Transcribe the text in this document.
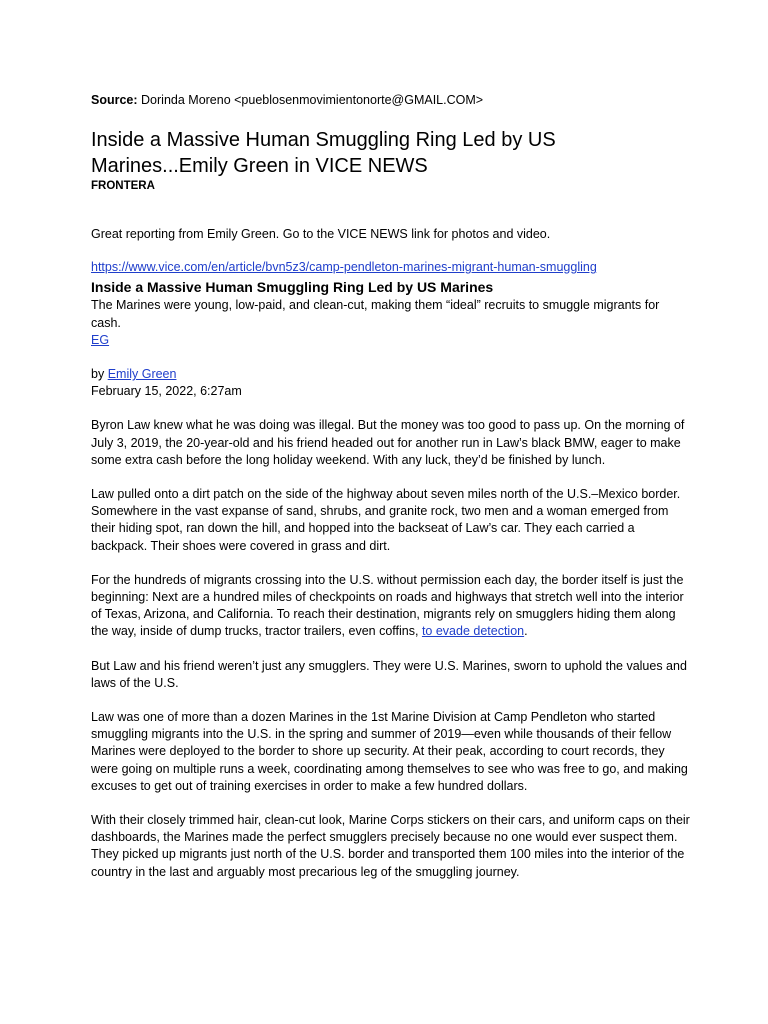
Source: Dorinda Moreno <pueblosenmovimientonorte@GMAIL.COM>
Inside a Massive Human Smuggling Ring Led by US Marines...Emily Green in VICE NEWS
FRONTERA

Great reporting from Emily Green. Go to the VICE NEWS link for photos and video.

https://www.vice.com/en/article/bvn5z3/camp-pendleton-marines-migrant-human-smuggling

Inside a Massive Human Smuggling Ring Led by US Marines

The Marines were young, low-paid, and clean-cut, making them “ideal” recruits to smuggle migrants for cash.

EG

by Emily Green

February 15, 2022, 6:27am

Byron Law knew what he was doing was illegal. But the money was too good to pass up. On the morning of July 3, 2019, the 20-year-old and his friend headed out for another run in Law’s black BMW, eager to make some extra cash before the long holiday weekend. With any luck, they’d be finished by lunch.

Law pulled onto a dirt patch on the side of the highway about seven miles north of the U.S.–Mexico border. Somewhere in the vast expanse of sand, shrubs, and granite rock, two men and a woman emerged from their hiding spot, ran down the hill, and hopped into the backseat of Law’s car. They each carried a backpack. Their shoes were covered in grass and dirt.

For the hundreds of migrants crossing into the U.S. without permission each day, the border itself is just the beginning: Next are a hundred miles of checkpoints on roads and highways that stretch well into the interior of Texas, Arizona, and California. To reach their destination, migrants rely on smugglers hiding them along the way, inside of dump trucks, tractor trailers, even coffins, to evade detection.

But Law and his friend weren’t just any smugglers. They were U.S. Marines, sworn to uphold the values and laws of the U.S.

Law was one of more than a dozen Marines in the 1st Marine Division at Camp Pendleton who started smuggling migrants into the U.S. in the spring and summer of 2019—even while thousands of their fellow Marines were deployed to the border to shore up security. At their peak, according to court records, they were going on multiple runs a week, coordinating among themselves to see who was free to go, and making excuses to get out of training exercises in order to make a few hundred dollars.

With their closely trimmed hair, clean-cut look, Marine Corps stickers on their cars, and uniform caps on their dashboards, the Marines made the perfect smugglers precisely because no one would ever suspect them. They picked up migrants just north of the U.S. border and transported them 100 miles into the interior of the country in the last and arguably most precarious leg of the smuggling journey.
